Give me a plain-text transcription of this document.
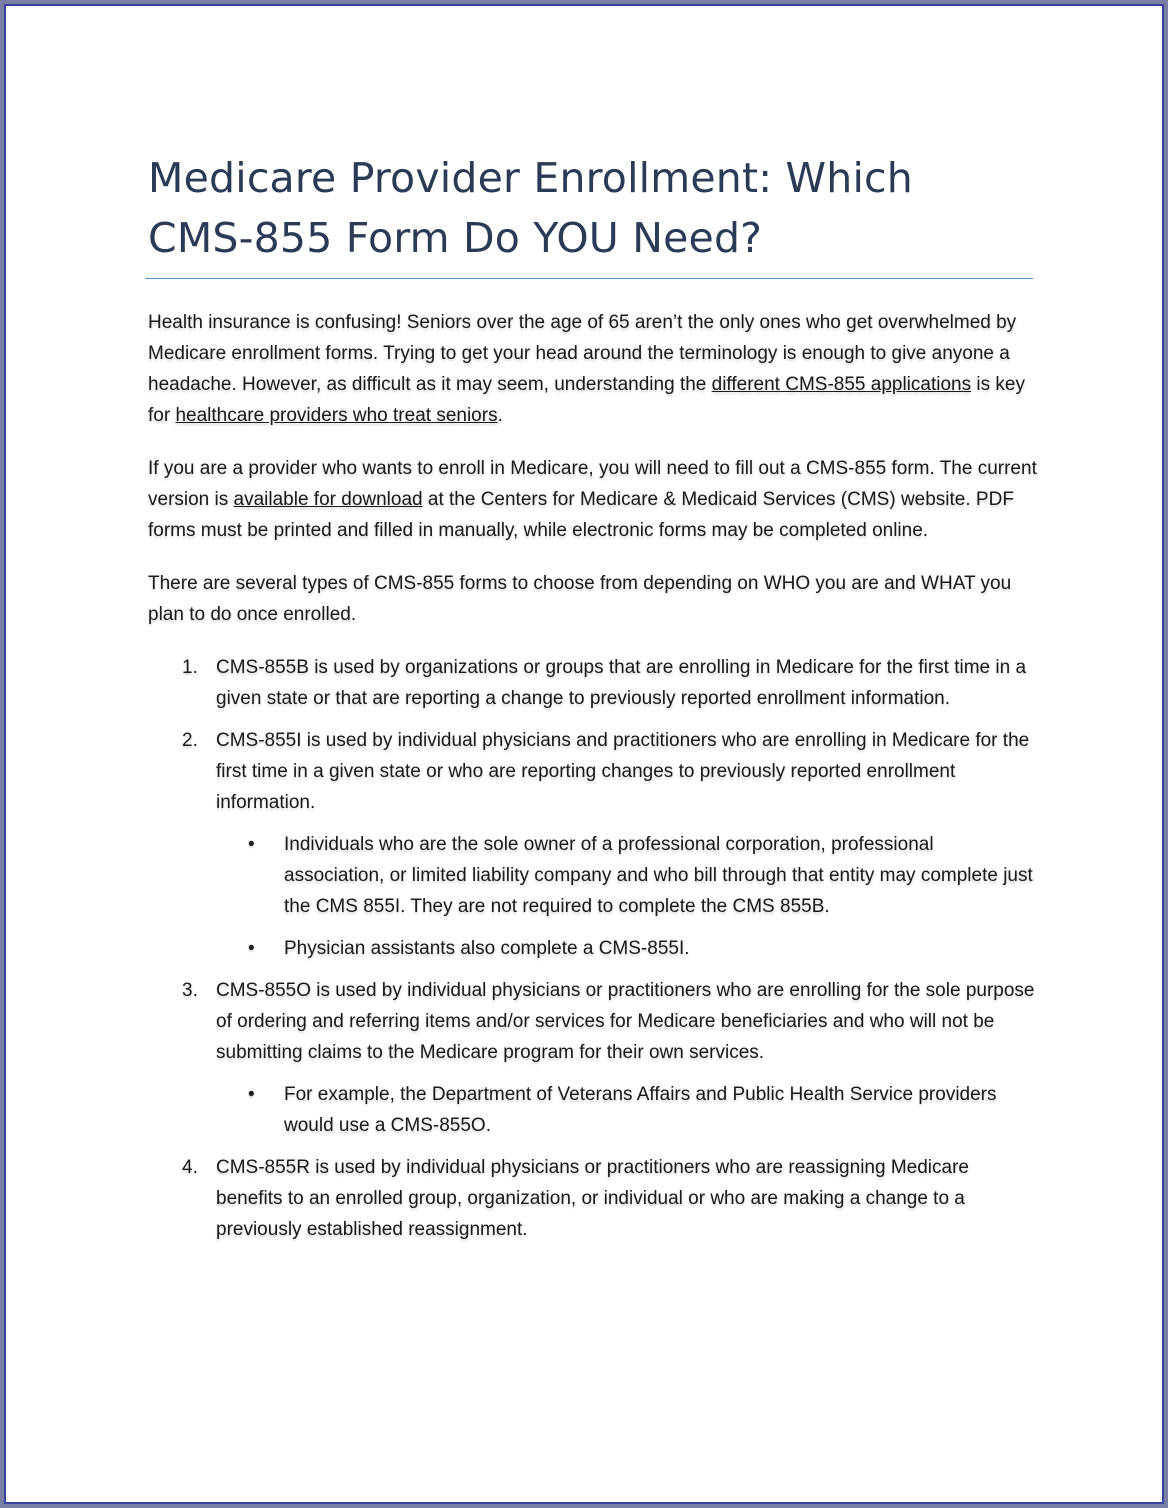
Medicare Provider Enrollment: Which
CMS-855 Form Do YOU Need?

Health insurance is confusing! Seniors over the age of 65 aren’t the only ones who get overwhelmed by Medicare enrollment forms. Trying to get your head around the terminology is enough to give anyone a headache. However, as difficult as it may seem, understanding the different CMS-855 applications is key for healthcare providers who treat seniors.

If you are a provider who wants to enroll in Medicare, you will need to fill out a CMS-855 form. The current version is available for download at the Centers for Medicare & Medicaid Services (CMS) website. PDF forms must be printed and filled in manually, while electronic forms may be completed online.

There are several types of CMS-855 forms to choose from depending on WHO you are and WHAT you plan to do once enrolled.

1. CMS-855B is used by organizations or groups that are enrolling in Medicare for the first time in a given state or that are reporting a change to previously reported enrollment information.
2. CMS-855I is used by individual physicians and practitioners who are enrolling in Medicare for the first time in a given state or who are reporting changes to previously reported enrollment information.
• Individuals who are the sole owner of a professional corporation, professional association, or limited liability company and who bill through that entity may complete just the CMS 855I. They are not required to complete the CMS 855B.
• Physician assistants also complete a CMS-855I.
3. CMS-855O is used by individual physicians or practitioners who are enrolling for the sole purpose of ordering and referring items and/or services for Medicare beneficiaries and who will not be submitting claims to the Medicare program for their own services.
• For example, the Department of Veterans Affairs and Public Health Service providers would use a CMS-855O.
4. CMS-855R is used by individual physicians or practitioners who are reassigning Medicare benefits to an enrolled group, organization, or individual or who are making a change to a previously established reassignment.
